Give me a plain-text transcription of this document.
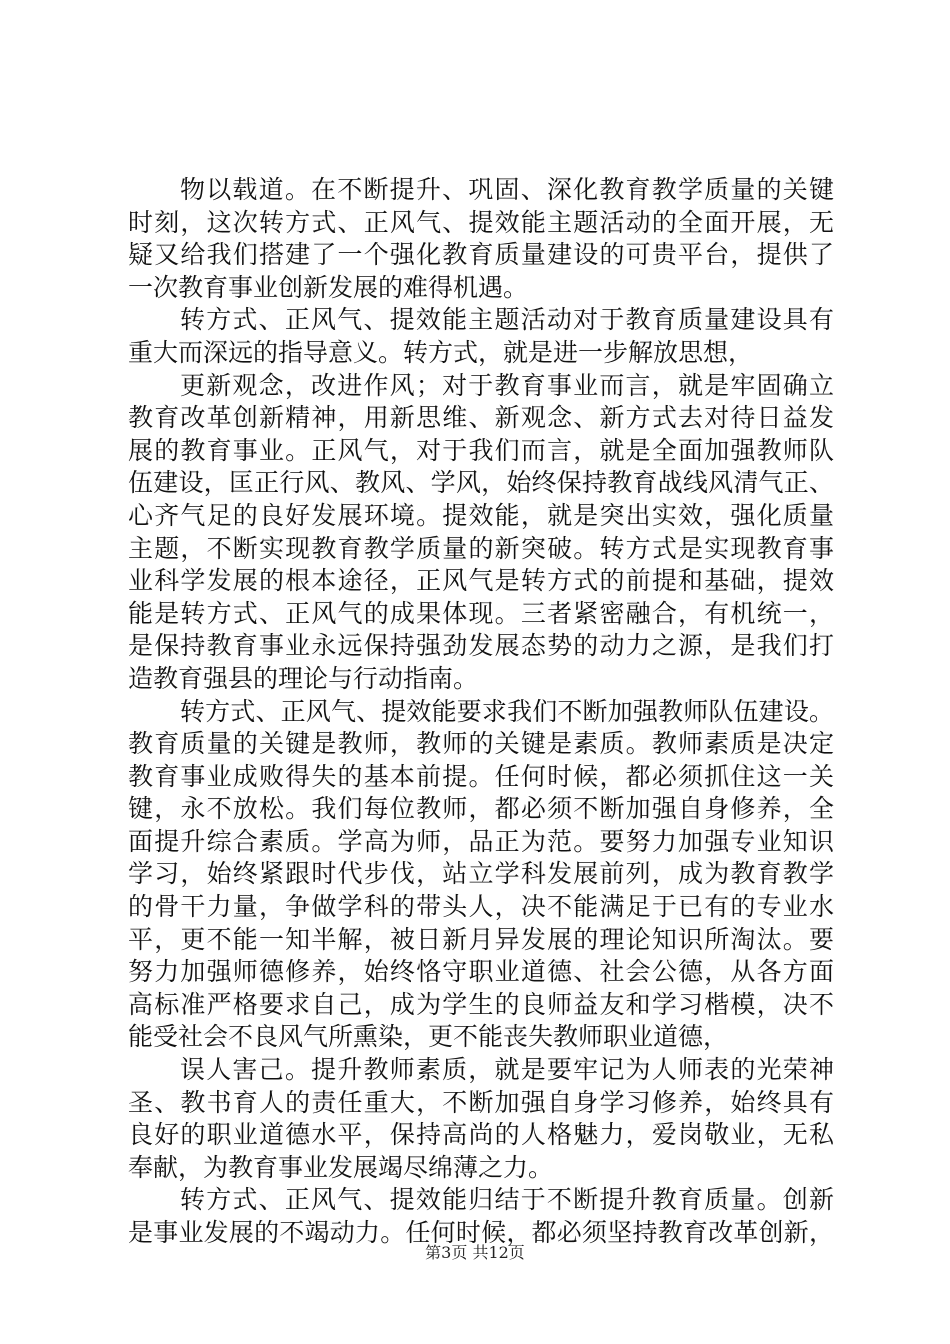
物以载道。在不断提升、巩固、深化教育教学质量的关键
时刻，这次转方式、正风气、提效能主题活动的全面开展，无
疑又给我们搭建了一个强化教育质量建设的可贵平台，提供了
一次教育事业创新发展的难得机遇。
转方式、正风气、提效能主题活动对于教育质量建设具有
重大而深远的指导意义。转方式，就是进一步解放思想，
更新观念，改进作风；对于教育事业而言，就是牢固确立
教育改革创新精神，用新思维、新观念、新方式去对待日益发
展的教育事业。正风气，对于我们而言，就是全面加强教师队
伍建设，匡正行风、教风、学风，始终保持教育战线风清气正、
心齐气足的良好发展环境。提效能，就是突出实效，强化质量
主题，不断实现教育教学质量的新突破。转方式是实现教育事
业科学发展的根本途径，正风气是转方式的前提和基础，提效
能是转方式、正风气的成果体现。三者紧密融合，有机统一，
是保持教育事业永远保持强劲发展态势的动力之源，是我们打
造教育强县的理论与行动指南。
转方式、正风气、提效能要求我们不断加强教师队伍建设。
教育质量的关键是教师，教师的关键是素质。教师素质是决定
教育事业成败得失的基本前提。任何时候，都必须抓住这一关
键，永不放松。我们每位教师，都必须不断加强自身修养，全
面提升综合素质。学高为师，品正为范。要努力加强专业知识
学习，始终紧跟时代步伐，站立学科发展前列，成为教育教学
的骨干力量，争做学科的带头人，决不能满足于已有的专业水
平，更不能一知半解，被日新月异发展的理论知识所淘汰。要
努力加强师德修养，始终恪守职业道德、社会公德，从各方面
高标准严格要求自己，成为学生的良师益友和学习楷模，决不
能受社会不良风气所熏染，更不能丧失教师职业道德，
误人害己。提升教师素质，就是要牢记为人师表的光荣神
圣、教书育人的责任重大，不断加强自身学习修养，始终具有
良好的职业道德水平，保持高尚的人格魅力，爱岗敬业，无私
奉献，为教育事业发展竭尽绵薄之力。
转方式、正风气、提效能归结于不断提升教育质量。创新
是事业发展的不竭动力。任何时候，都必须坚持教育改革创新，
第3页 共12页
